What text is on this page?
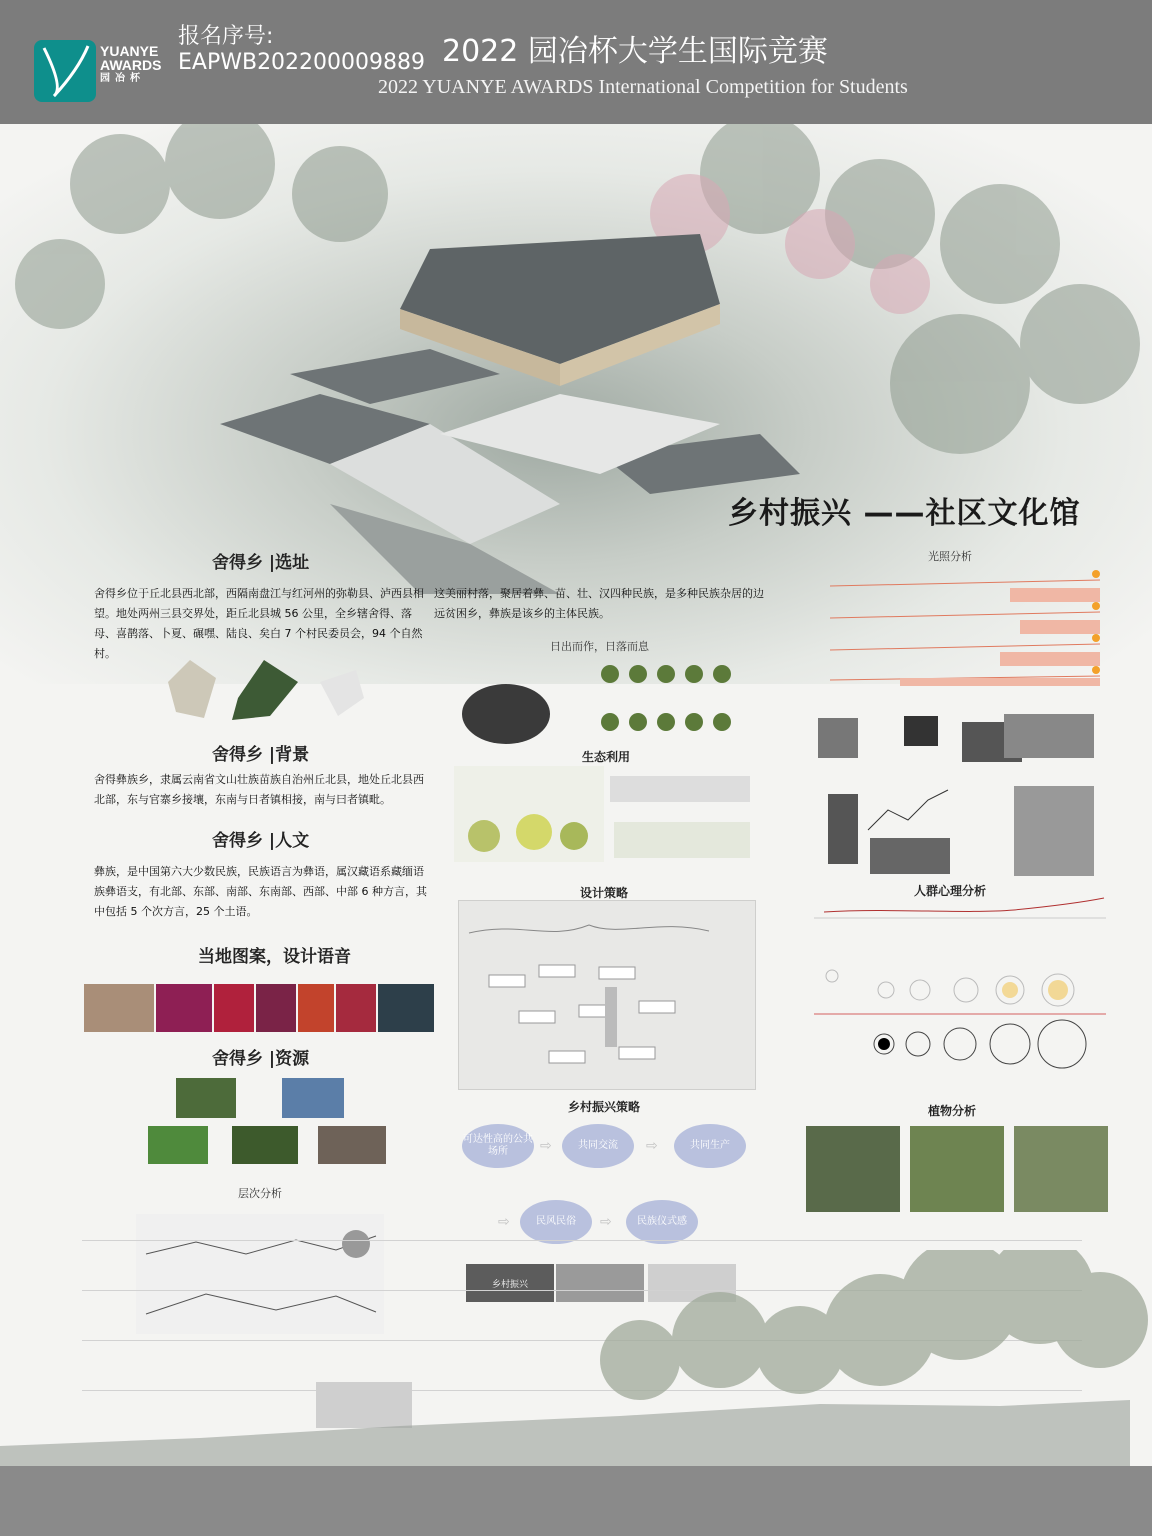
YUANYE
AWARDS
园冶杯
报名序号:
EAPWB202200009889 2022 园冶杯大学生国际竞赛
2022 YUANYE AWARDS International Competition for Students
乡村振兴 ——社区文化馆
舍得乡 |选址
舍得乡位于丘北县西北部，西隔南盘江与红河州的弥勒县、泸西县相望。地处两州三县交界处，距丘北县城 56 公里，全乡辖舍得、落母、喜鹊落、卜夏、碾嘿、陆良、矣白 7 个村民委员会，94 个自然村。
这美丽村落，聚居着彝、苗、壮、汉四种民族，是多种民族杂居的边远贫困乡，彝族是该乡的主体民族。
舍得乡 |背景
舍得彝族乡，隶属云南省文山壮族苗族自治州丘北县，地处丘北县西北部，东与官寨乡接壤，东南与日者镇相接，南与曰者镇毗。
舍得乡 |人文
彝族，是中国第六大少数民族，民族语言为彝语，属汉藏语系藏缅语族彝语支，有北部、东部、南部、东南部、西部、中部 6 种方言，其中包括 5 个次方言，25 个土语。
当地图案，设计语音
舍得乡 |资源
层次分析
日出而作，日落而息
生态利用
设计策略
乡村振兴策略
可达性高的公共场所	⇨	共同交流	⇨	共同生产
⇨	民风民俗	⇨	民族仪式感
乡村振兴
光照分析
人群心理分析
植物分析
